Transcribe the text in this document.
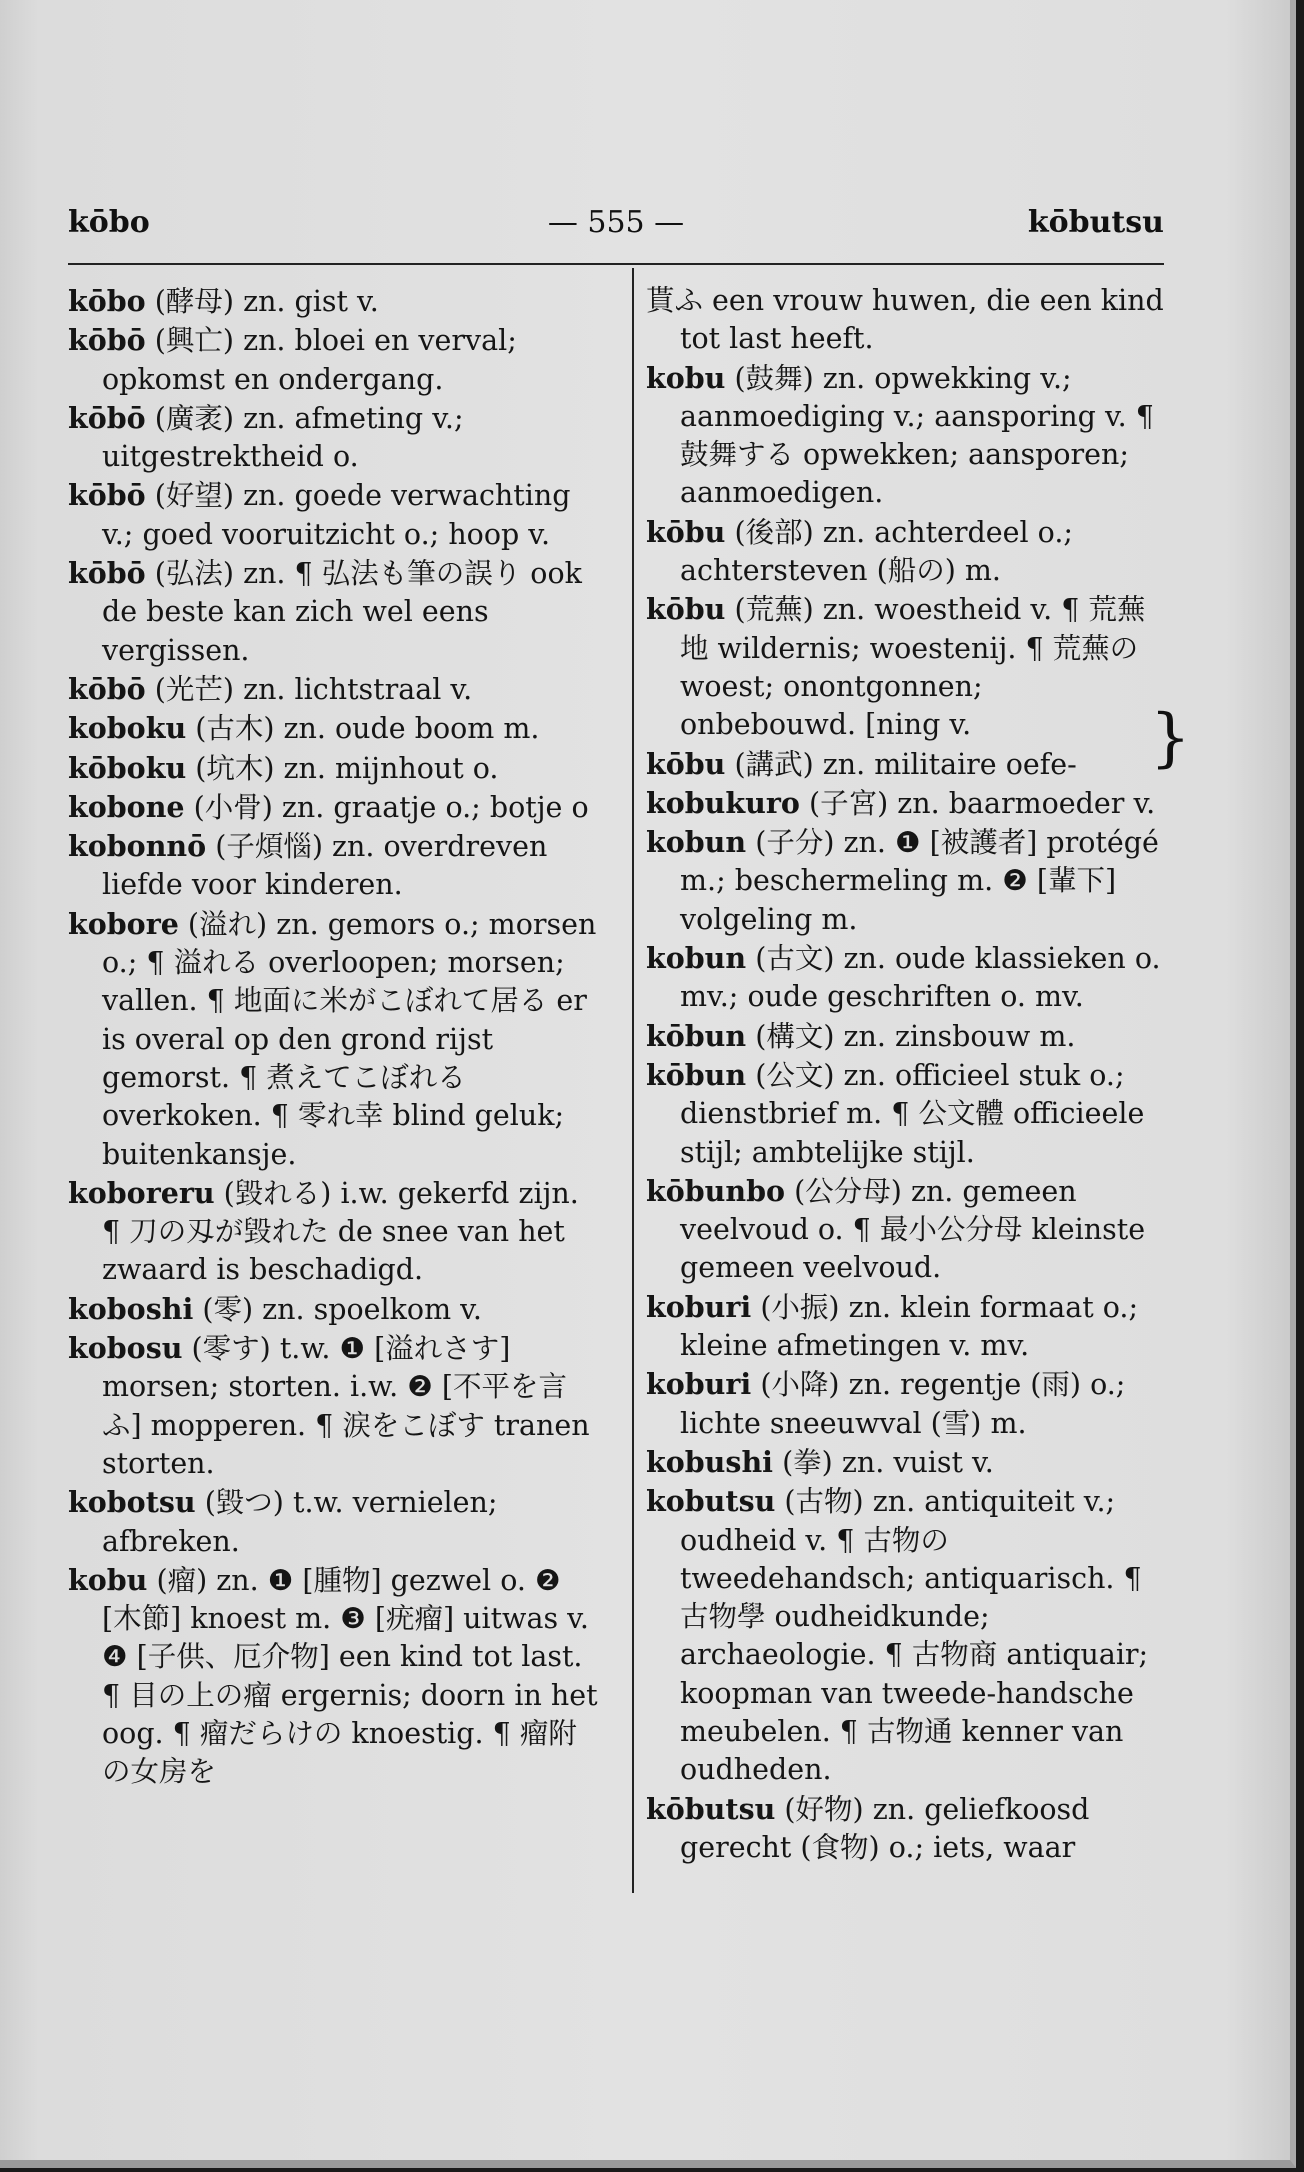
kōbo	— 555 —	kōbutsu

kōbo (酵母) zn. gist v.

kōbō (興亡) zn. bloei en verval; opkomst en ondergang.

kōbō (廣袤) zn. afmeting v.; uitgestrektheid o.

kōbō (好望) zn. goede verwachting v.; goed vooruitzicht o.; hoop v.

kōbō (弘法) zn. ¶ 弘法も筆の誤り ook de beste kan zich wel eens vergissen.

kōbō (光芒) zn. lichtstraal v.

koboku (古木) zn. oude boom m.

kōboku (坑木) zn. mijnhout o.

kobone (小骨) zn. graatje o.; botje o

kobonnō (子煩惱) zn. overdreven liefde voor kinderen.

kobore (溢れ) zn. gemors o.; morsen o.; ¶ 溢れる overloopen; morsen; vallen. ¶ 地面に米がこぼれて居る er is overal op den grond rijst gemorst. ¶ 煮えてこぼれる overkoken. ¶ 零れ幸 blind geluk; buitenkansje.

koboreru (毀れる) i.w. gekerfd zijn. ¶ 刀の刄が毀れた de snee van het zwaard is beschadigd.

koboshi (零) zn. spoelkom v.

kobosu (零す) t.w. ❶ [溢れさす] morsen; storten. i.w. ❷ [不平を言ふ] mopperen. ¶ 涙をこぼす tranen storten.

kobotsu (毀つ) t.w. vernielen; afbreken.

kobu (瘤) zn. ❶ [腫物] gezwel o. ❷ [木節] knoest m. ❸ [疣瘤] uitwas v. ❹ [子供、厄介物] een kind tot last. ¶ 目の上の瘤 ergernis; doorn in het oog. ¶ 瘤だらけの knoestig. ¶ 瘤附の女房を

貰ふ een vrouw huwen, die een kind tot last heeft.

kobu (鼓舞) zn. opwekking v.; aanmoediging v.; aansporing v. ¶ 鼓舞する opwekken; aansporen; aanmoedigen.

kōbu (後部) zn. achterdeel o.; achtersteven (船の) m.

kōbu (荒蕪) zn. woestheid v. ¶ 荒蕪地 wildernis; woestenij. ¶ 荒蕪の woest; onontgonnen; onbebouwd. [ning v.

kōbu (講武) zn. militaire oefe-

kobukuro (子宮) zn. baarmoeder v.

kobun (子分) zn. ❶ [被護者] protégé m.; beschermeling m. ❷ [輩下] volgeling m.

kobun (古文) zn. oude klassieken o. mv.; oude geschriften o. mv.

kōbun (構文) zn. zinsbouw m.

kōbun (公文) zn. officieel stuk o.; dienstbrief m. ¶ 公文體 officieele stijl; ambtelijke stijl.

kōbunbo (公分母) zn. gemeen veelvoud o. ¶ 最小公分母 kleinste gemeen veelvoud.

koburi (小振) zn. klein formaat o.; kleine afmetingen v. mv.

koburi (小降) zn. regentje (雨) o.; lichte sneeuwval (雪) m.

kobushi (拳) zn. vuist v.

kobutsu (古物) zn. antiquiteit v.; oudheid v. ¶ 古物の tweedehandsch; antiquarisch. ¶ 古物學 oudheidkunde; archaeologie. ¶ 古物商 antiquair; koopman van tweede-handsche meubelen. ¶ 古物通 kenner van oudheden.

kōbutsu (好物) zn. geliefkoosd gerecht (食物) o.; iets, waar

}
